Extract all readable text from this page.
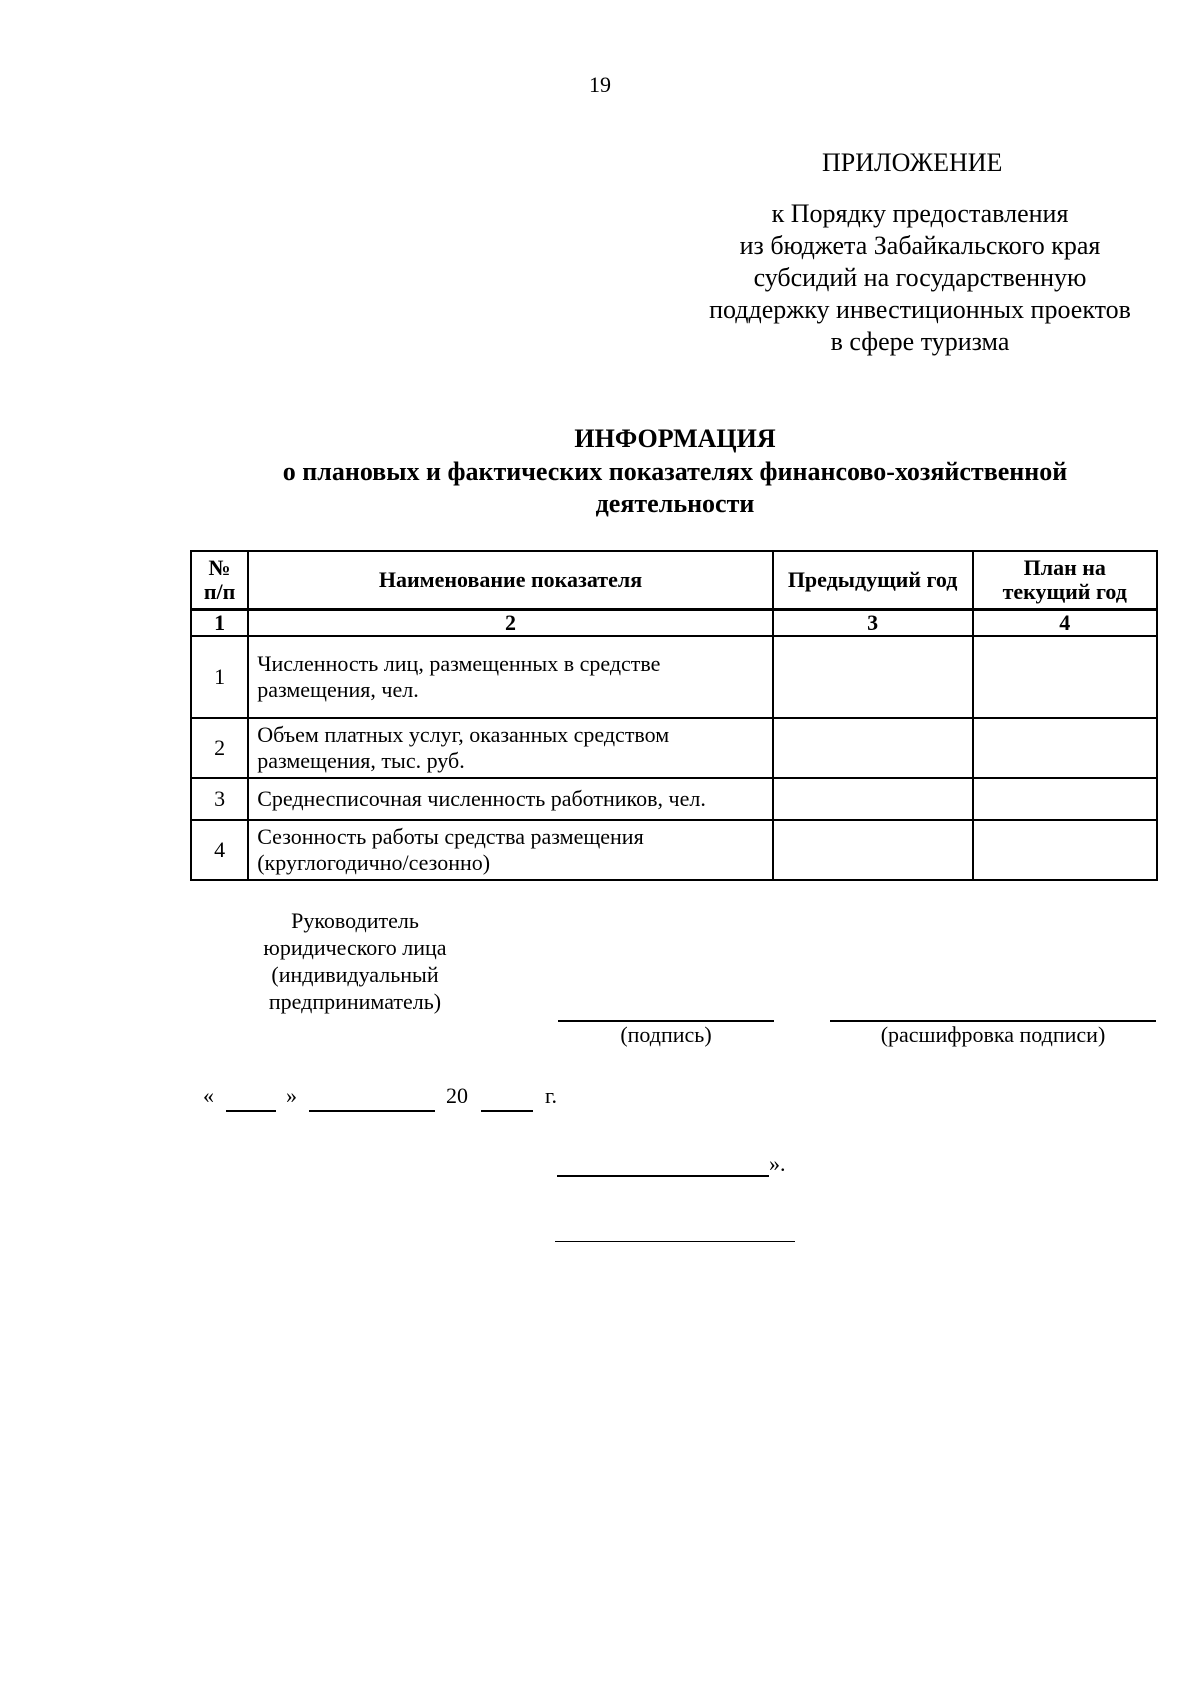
19
ПРИЛОЖЕНИЕ
к Порядку предоставления
из бюджета Забайкальского края
субсидий на государственную
поддержку инвестиционных проектов
в сфере туризма
ИНФОРМАЦИЯ
о плановых и фактических показателях финансово-хозяйственной
деятельности
№ п/п	Наименование показателя	Предыдущий год	План на текущий год
1	2	3	4
1	Численность лиц, размещенных в средстве размещения, чел.		
2	Объем платных услуг, оказанных средством размещения, тыс. руб.		
3	Среднесписочная численность работников, чел.		
4	Сезонность работы средства размещения (круглогодично/сезонно)		
Руководитель
юридического лица
(индивидуальный
предприниматель)
(подпись)	(расшифровка подписи)
«	»	20	г.
».
